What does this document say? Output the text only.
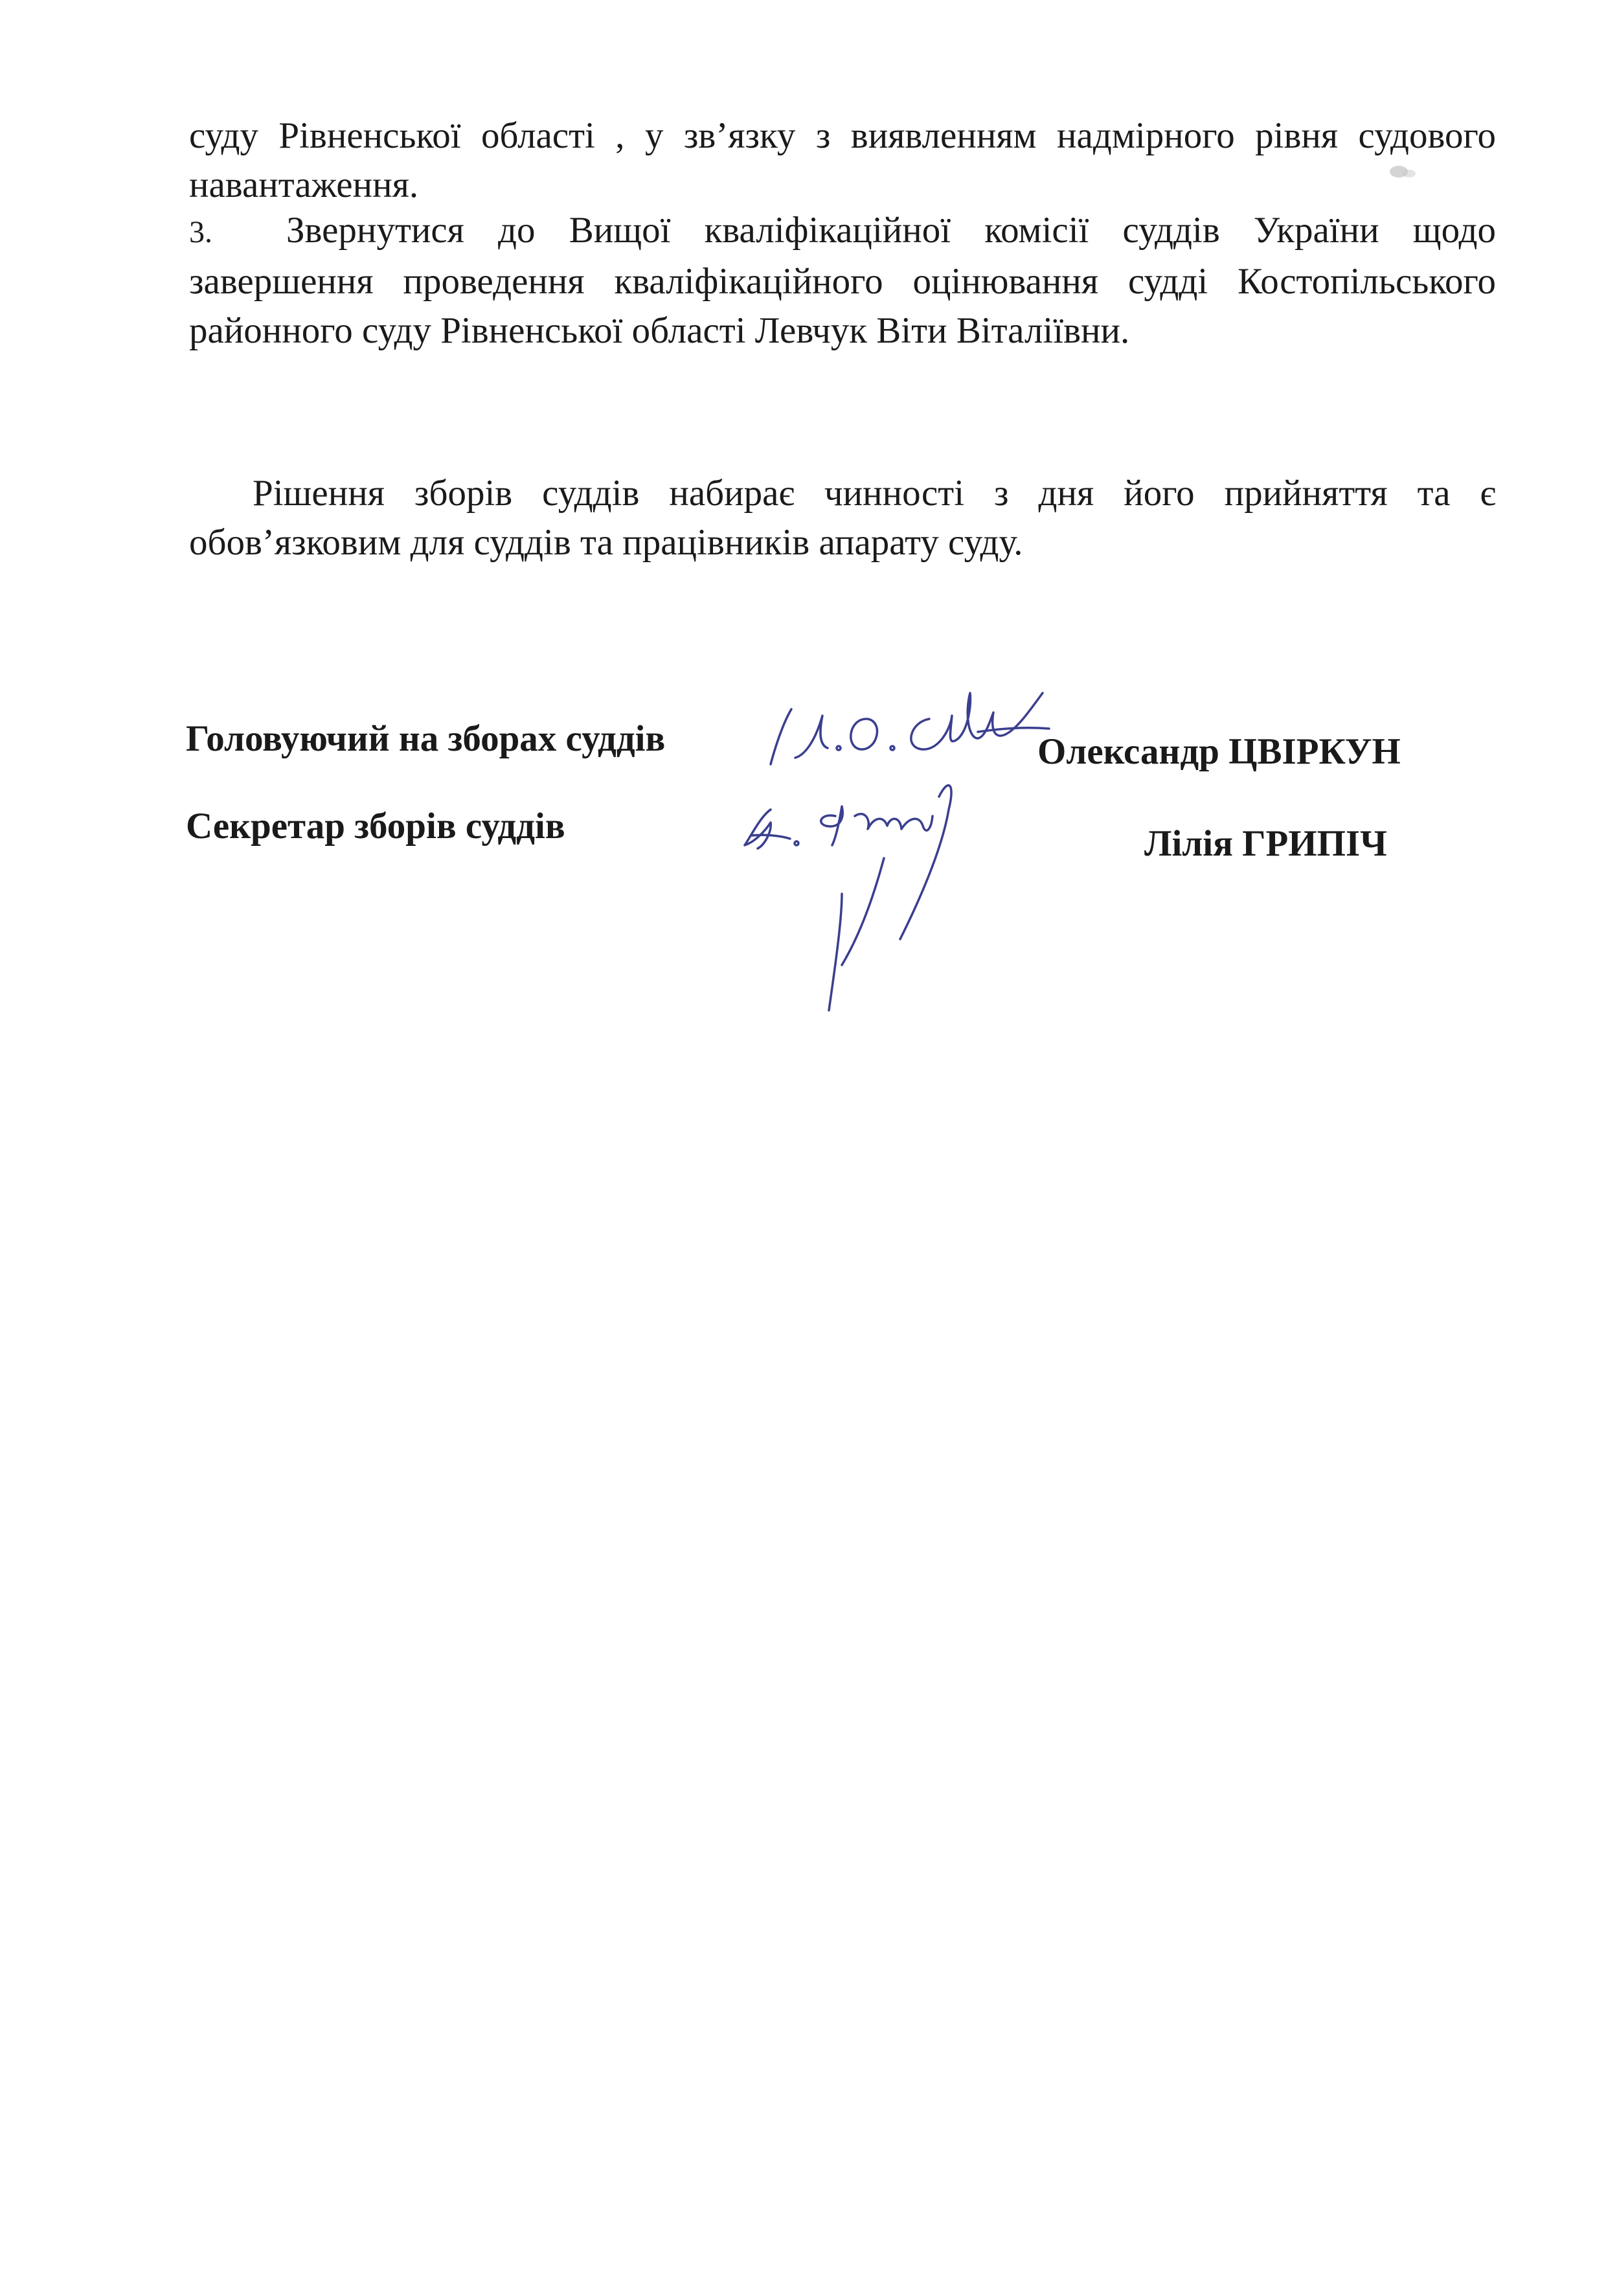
суду Рівненської області , у зв’язку з виявленням надмірного рівня судового
навантаження.
3. Звернутися до Вищої кваліфікаційної комісії суддів України щодо
завершення проведення кваліфікаційного оцінювання судді Костопільського
районного суду Рівненської області Левчук Віти Віталіївни.
Рішення зборів суддів набирає чинності з дня його прийняття та є
обов’язковим для суддів та працівників апарату суду.
Головуючий на зборах суддів	Олександр ЦВІРКУН
Секретар зборів суддів	Лілія ГРИПІЧ
